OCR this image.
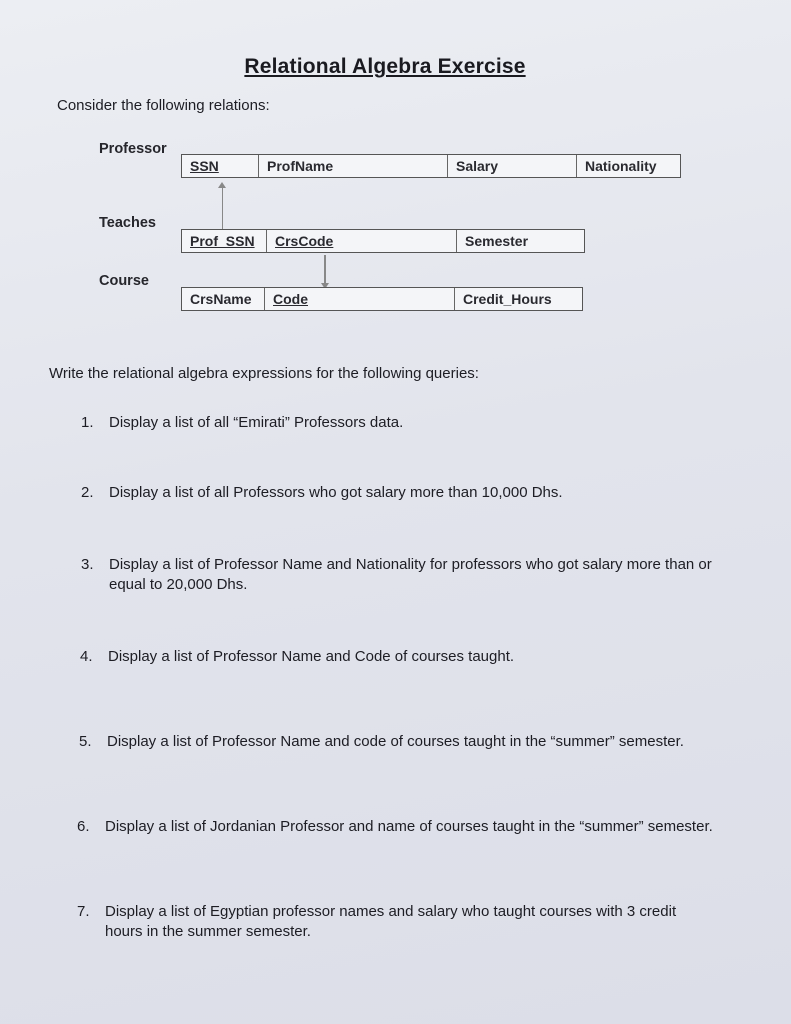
Relational Algebra Exercise
Consider the following relations:
Professor
SSN	ProfName	Salary	Nationality
Teaches
Prof_SSN	CrsCode	Semester
Course
CrsName	Code	Credit_Hours
Write the relational algebra expressions for the following queries:
1. Display a list of all “Emirati” Professors data.
2. Display a list of all Professors who got salary more than 10,000 Dhs.
3. Display a list of Professor Name and Nationality for professors who got salary more than or equal to 20,000 Dhs.
4. Display a list of Professor Name and Code of courses taught.
5. Display a list of Professor Name and code of courses taught in the “summer” semester.
6. Display a list of Jordanian Professor and name of courses taught in the “summer” semester.
7. Display a list of Egyptian professor names and salary who taught courses with 3 credit hours in the summer semester.
